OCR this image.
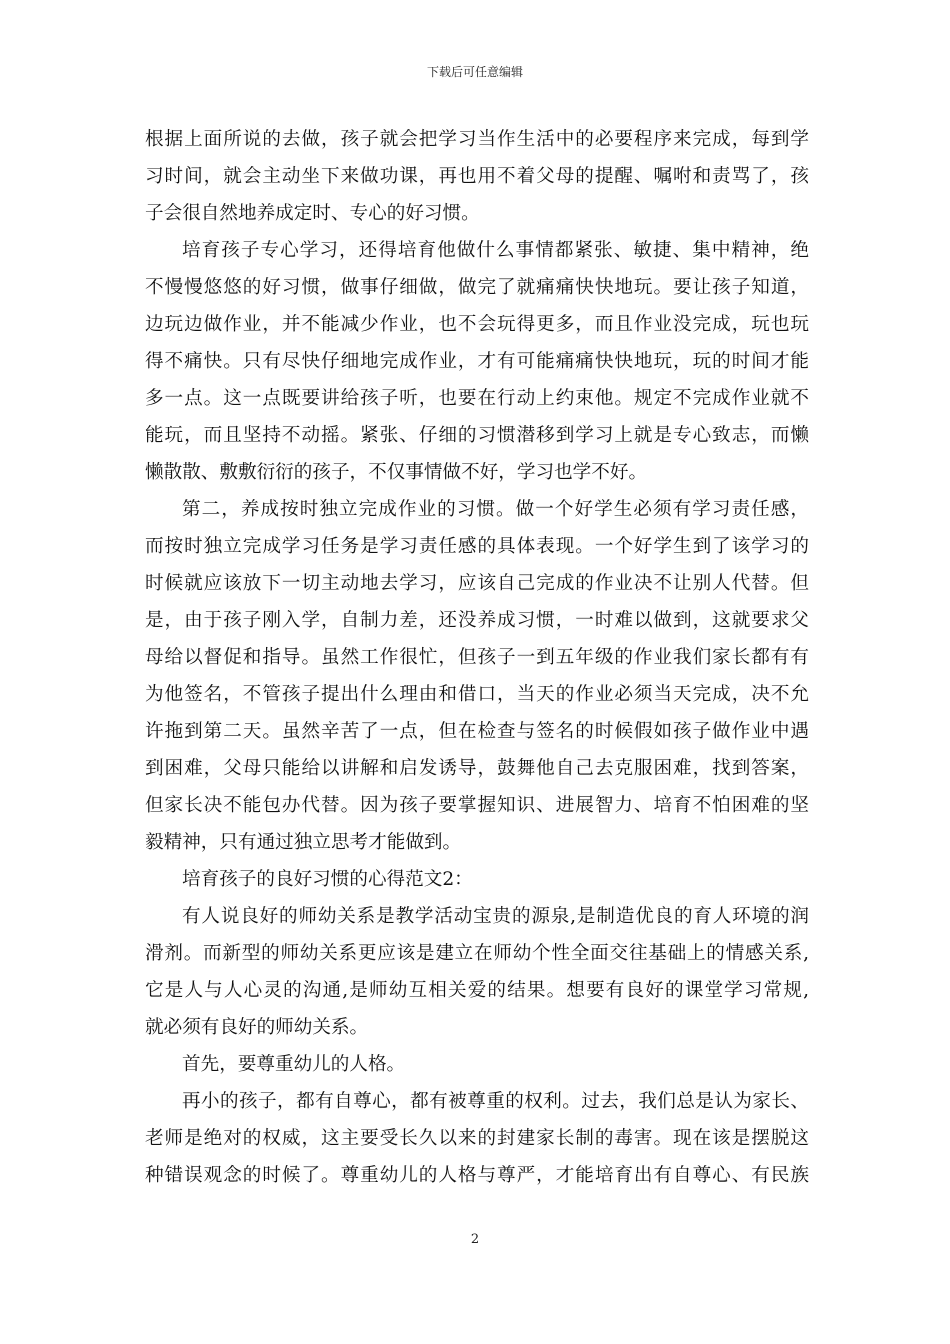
下载后可任意编辑
根据上面所说的去做，孩子就会把学习当作生活中的必要程序来完成，每到学
习时间，就会主动坐下来做功课，再也用不着父母的提醒、嘱咐和责骂了，孩
子会很自然地养成定时、专心的好习惯。
培育孩子专心学习，还得培育他做什么事情都紧张、敏捷、集中精神，绝
不慢慢悠悠的好习惯，做事仔细做，做完了就痛痛快快地玩。要让孩子知道，
边玩边做作业，并不能减少作业，也不会玩得更多，而且作业没完成，玩也玩
得不痛快。只有尽快仔细地完成作业，才有可能痛痛快快地玩，玩的时间才能
多一点。这一点既要讲给孩子听，也要在行动上约束他。规定不完成作业就不
能玩，而且坚持不动摇。紧张、仔细的习惯潜移到学习上就是专心致志，而懒
懒散散、敷敷衍衍的孩子，不仅事情做不好，学习也学不好。
第二，养成按时独立完成作业的习惯。做一个好学生必须有学习责任感，
而按时独立完成学习任务是学习责任感的具体表现。一个好学生到了该学习的
时候就应该放下一切主动地去学习，应该自己完成的作业决不让别人代替。但
是，由于孩子刚入学，自制力差，还没养成习惯，一时难以做到，这就要求父
母给以督促和指导。虽然工作很忙，但孩子一到五年级的作业我们家长都有有
为他签名，不管孩子提出什么理由和借口，当天的作业必须当天完成，决不允
许拖到第二天。虽然辛苦了一点，但在检查与签名的时候假如孩子做作业中遇
到困难，父母只能给以讲解和启发诱导，鼓舞他自己去克服困难，找到答案，
但家长决不能包办代替。因为孩子要掌握知识、进展智力、培育不怕困难的坚
毅精神，只有通过独立思考才能做到。
培育孩子的良好习惯的心得范文2：
有人说良好的师幼关系是教学活动宝贵的源泉,是制造优良的育人环境的润
滑剂。而新型的师幼关系更应该是建立在师幼个性全面交往基础上的情感关系,
它是人与人心灵的沟通,是师幼互相关爱的结果。想要有良好的课堂学习常规,
就必须有良好的师幼关系。
首先，要尊重幼儿的人格。
再小的孩子，都有自尊心，都有被尊重的权利。过去，我们总是认为家长、
老师是绝对的权威，这主要受长久以来的封建家长制的毒害。现在该是摆脱这
种错误观念的时候了。尊重幼儿的人格与尊严，才能培育出有自尊心、有民族
2
